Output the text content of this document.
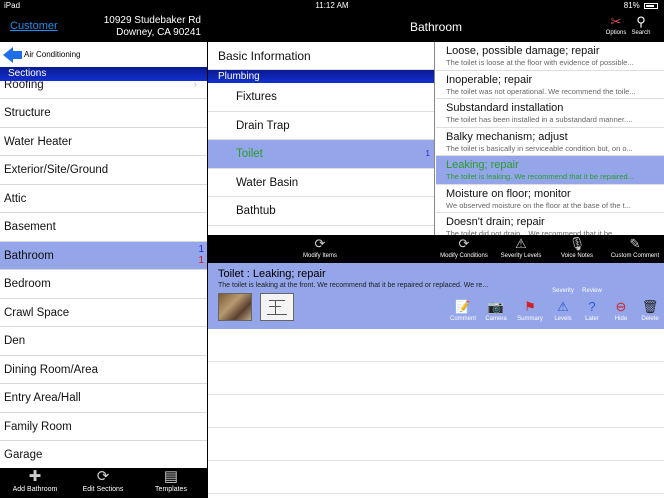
iPad	11:12 AM	81%
Customer	10929 Studebaker Rd
Downey, CA 90241
Air Conditioning
Sections
Roofing	›
Structure
Water Heater
Exterior/Site/Ground
Attic
Basement
Bathroom
1
1
Bedroom
Crawl Space
Den
Dining Room/Area
Entry Area/Hall
Family Room
Garage
✚
Add Bathroom
⟳
Edit Sections
▤
Templates
Bathroom	✂
Options
⚲
Search
Basic Information
Plumbing
Fixtures
Drain Trap
Toilet	1
Water Basin
Bathtub
Loose, possible damage; repair
The toilet is loose at the floor with evidence of possible...
Inoperable; repair
The toilet was not operational. We recommend the toile...
Substandard installation
The toilet has been installed in a substandard manner....
Balky mechanism; adjust
The toilet is basically in serviceable condition but, on o...
Leaking; repair
The toilet is leaking. We recommend that it be repaired...
Moisture on floor; monitor
We observed moisture on the floor at the base of the t...
Doesn't drain; repair
The toilet did not drain... We recommend that it be...
⟳
Modify Items
⟳
Modify Conditions
⚠
Severity Levels
🎙
Voice Notes
✎
Custom Comment
Toilet : Leaking; repair
The toilet is leaking at the front. We recommend that it be repaired or replaced. We re...
📝
Comment
📷
Camera
⚑
Summary
Severity
⚠
Levels
Review
?
Later
⊖
Hide
🗑
Delete
